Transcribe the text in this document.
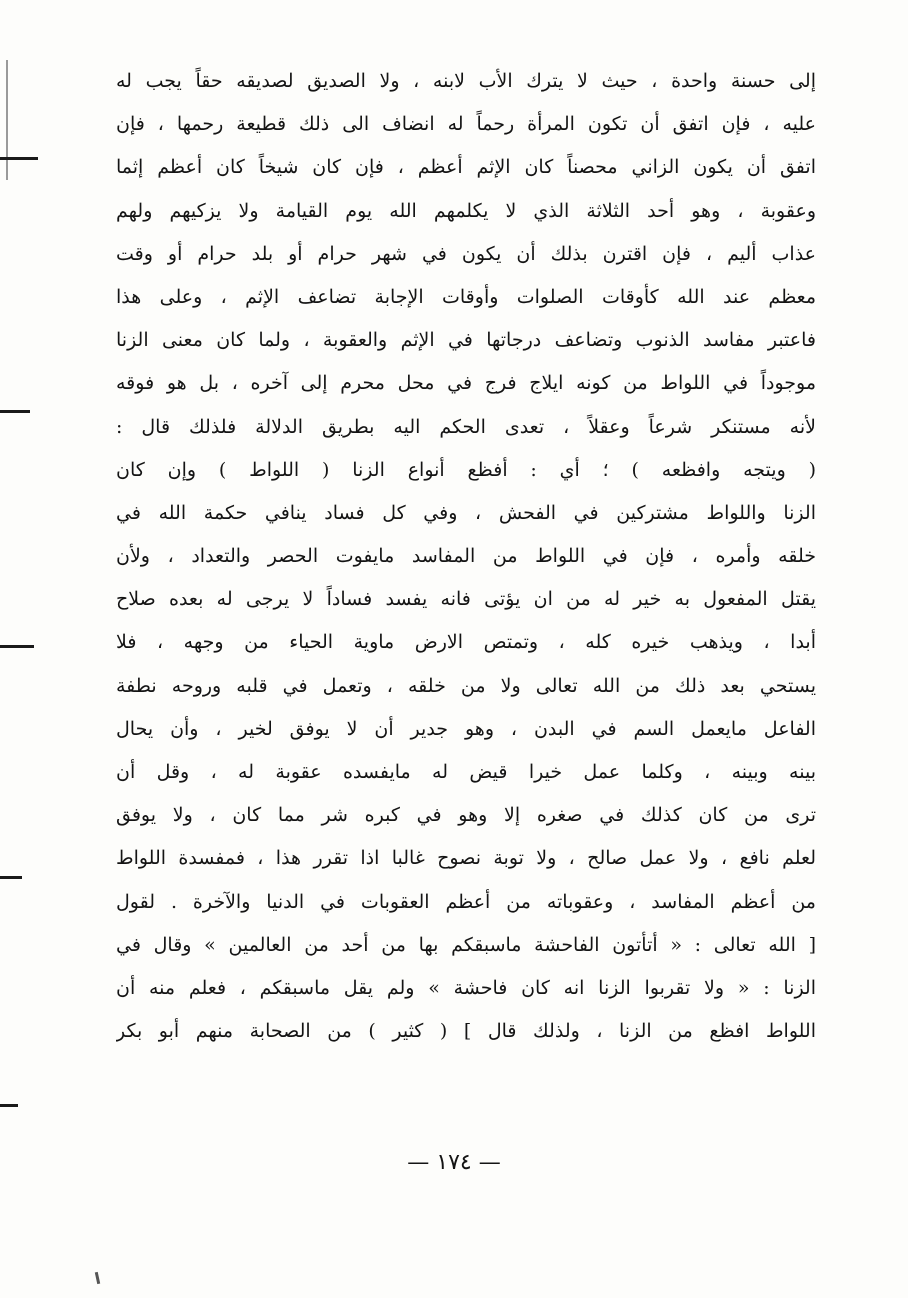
إلى حسنة واحدة ، حيث لا يترك الأب لابنه ، ولا الصديق لصديقه حقاً يجب له
عليه ، فإن اتفق أن تكون المرأة رحماً له انضاف الى ذلك قطيعة رحمها ، فإن
اتفق أن يكون الزاني محصناً كان الإثم أعظم ، فإن كان شيخاً كان أعظم إثما
وعقوبة ، وهو أحد الثلاثة الذي لا يكلمهم الله يوم القيامة ولا يزكيهم ولهم
عذاب أليم ، فإن اقترن بذلك أن يكون في شهر حرام أو بلد حرام أو وقت
معظم عند الله كأوقات الصلوات وأوقات الإجابة تضاعف الإثم ، وعلى هذا
فاعتبر مفاسد الذنوب وتضاعف درجاتها في الإثم والعقوبة ، ولما كان معنى الزنا
موجوداً في اللواط من كونه ايلاج فرج في محل محرم إلى آخره ، بل هو فوقه
لأنه مستنكر شرعاً وعقلاً ، تعدى الحكم اليه بطريق الدلالة فلذلك قال :
( ويتجه وافظعه ) ؛ أي : أفظع أنواع الزنا ( اللواط ) وإن كان
الزنا واللواط مشتركين في الفحش ، وفي كل فساد ينافي حكمة الله في
خلقه وأمره ، فإن في اللواط من المفاسد مايفوت الحصر والتعداد ، ولأن
يقتل المفعول به خير له من ان يؤتى فانه يفسد فساداً لا يرجى له بعده صلاح
أبدا ، ويذهب خيره كله ، وتمتص الارض ماوية الحياء من وجهه ، فلا
يستحي بعد ذلك من الله تعالى ولا من خلقه ، وتعمل في قلبه وروحه نطفة
الفاعل مايعمل السم في البدن ، وهو جدير أن لا يوفق لخير ، وأن يحال
بينه وبينه ، وكلما عمل خيرا قيض له مايفسده عقوبة له ، وقل أن
ترى من كان كذلك في صغره إلا وهو في كبره شر مما كان ، ولا يوفق
لعلم نافع ، ولا عمل صالح ، ولا توبة نصوح غالبا اذا تقرر هذا ، فمفسدة اللواط
من أعظم المفاسد ، وعقوباته من أعظم العقوبات في الدنيا والآخرة . لقول
[ الله تعالى : « أتأتون الفاحشة ماسبقكم بها من أحد من العالمين » وقال في
الزنا : « ولا تقربوا الزنا انه كان فاحشة » ولم يقل ماسبقكم ، فعلم منه أن
اللواط افظع من الزنا ، ولذلك قال ] ( كثير ) من الصحابة منهم أبو بكر
— ١٧٤ —
